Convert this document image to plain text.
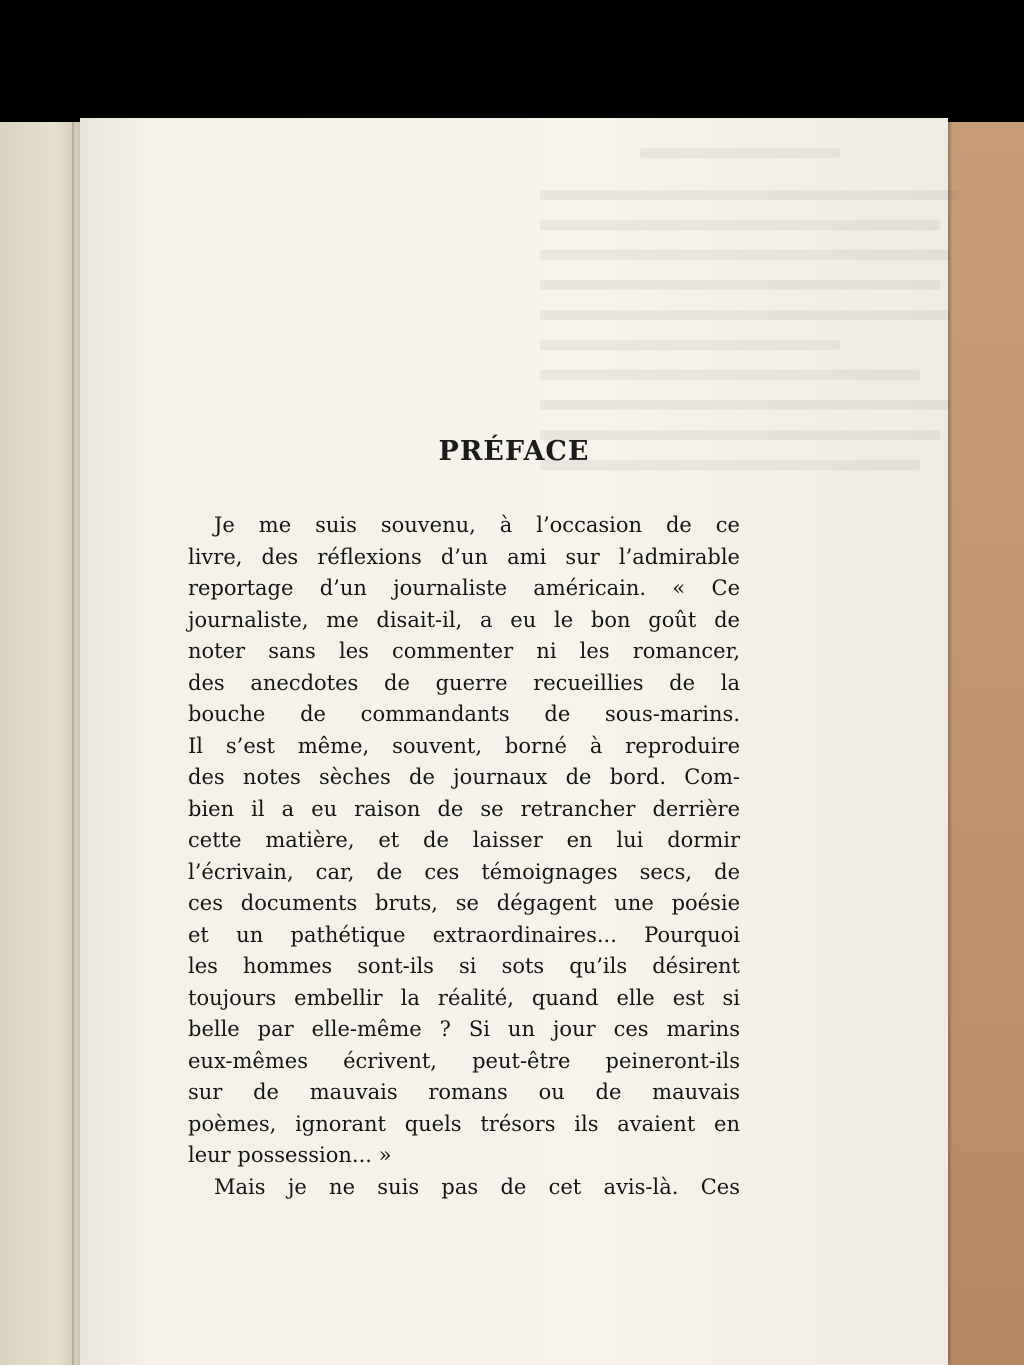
PRÉFACE
Je me suis souvenu, à l’occasion de ce
livre, des réflexions d’un ami sur l’admirable
reportage d’un journaliste américain. « Ce
journaliste, me disait-il, a eu le bon goût de
noter sans les commenter ni les romancer,
des anecdotes de guerre recueillies de la
bouche de commandants de sous-marins.
Il s’est même, souvent, borné à reproduire
des notes sèches de journaux de bord. Com-
bien il a eu raison de se retrancher derrière
cette matière, et de laisser en lui dormir
l’écrivain, car, de ces témoignages secs, de
ces documents bruts, se dégagent une poésie
et un pathétique extraordinaires... Pourquoi
les hommes sont-ils si sots qu’ils désirent
toujours embellir la réalité, quand elle est si
belle par elle-même ? Si un jour ces marins
eux-mêmes écrivent, peut-être peineront-ils
sur de mauvais romans ou de mauvais
poèmes, ignorant quels trésors ils avaient en
leur possession... »
Mais je ne suis pas de cet avis-là. Ces
